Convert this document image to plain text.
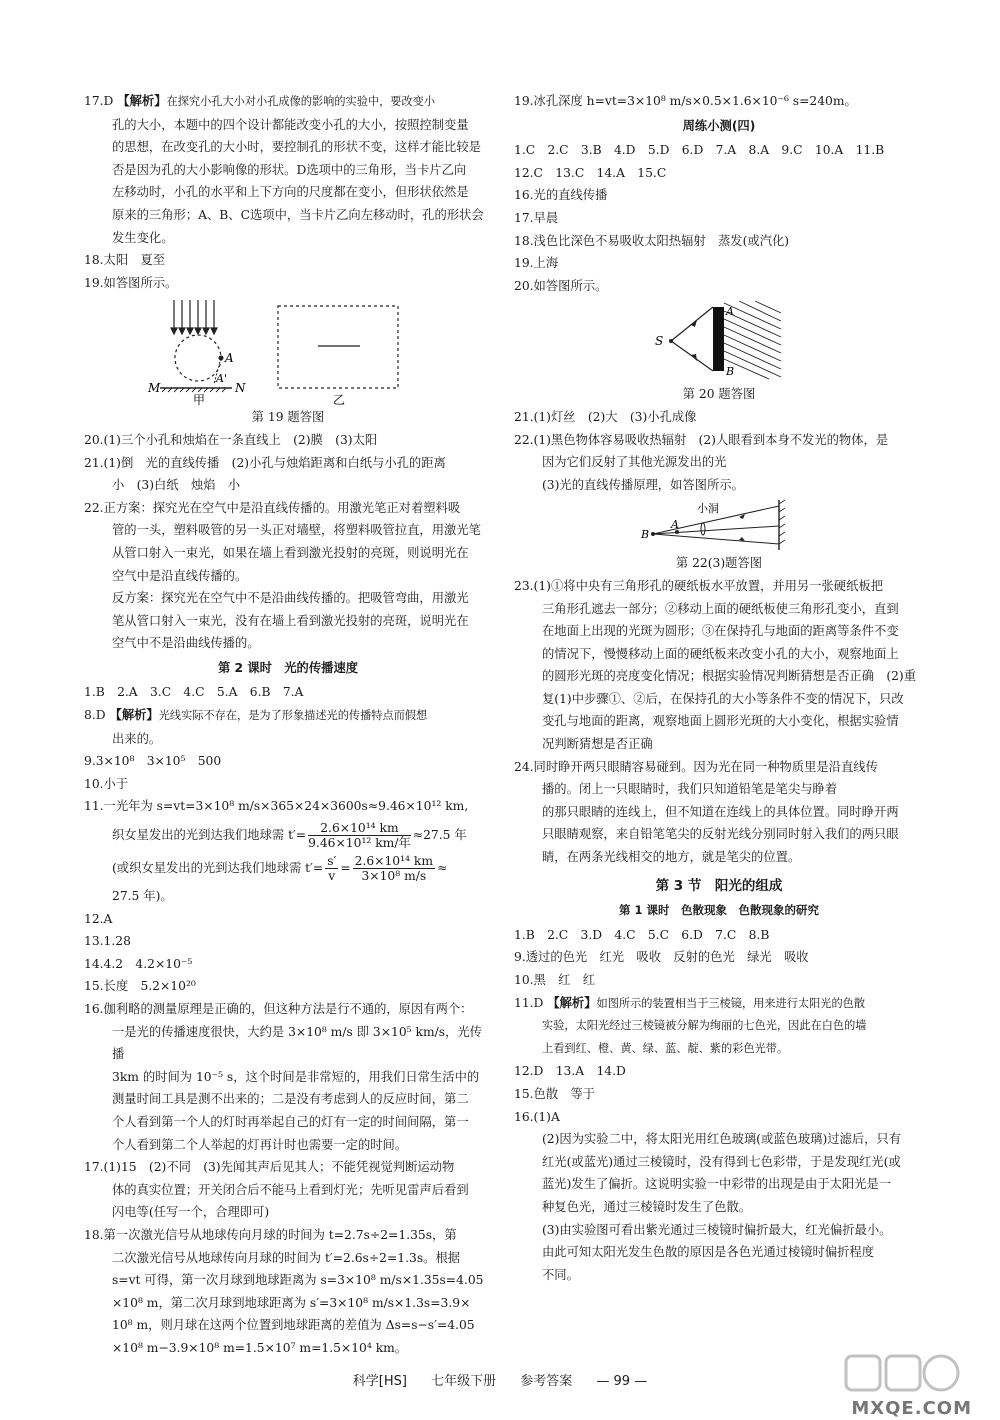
17.D 【解析】在探究小孔大小对小孔成像的影响的实验中，要改变小
孔的大小，本题中的四个设计都能改变小孔的大小，按照控制变量
的思想，在改变孔的大小时，要控制孔的形状不变，这样才能比较是
否是因为孔的大小影响像的形状。D选项中的三角形，当卡片乙向
左移动时，小孔的水平和上下方向的尺度都在变小，但形状依然是
原来的三角形；A、B、C选项中，当卡片乙向左移动时，孔的形状会
发生变化。
18.太阳　夏至
19.如答图所示。
A
A'
M	N
甲	乙
第 19 题答图
20.(1)三个小孔和烛焰在一条直线上　(2)膜　(3)太阳
21.(1)倒　光的直线传播　(2)小孔与烛焰距离和白纸与小孔的距离
小　(3)白纸　烛焰　小
22.正方案：探究光在空气中是沿直线传播的。用激光笔正对着塑料吸
管的一头，塑料吸管的另一头正对墙壁，将塑料吸管拉直，用激光笔
从管口射入一束光，如果在墙上看到激光投射的亮斑，则说明光在
空气中是沿直线传播的。
反方案：探究光在空气中不是沿曲线传播的。把吸管弯曲，用激光
笔从管口射入一束光，没有在墙上看到激光投射的亮斑，说明光在
空气中不是沿曲线传播的。
第 2 课时　光的传播速度
1.B　2.A　3.C　4.C　5.A　6.B　7.A
8.D 【解析】光线实际不存在，是为了形象描述光的传播特点而假想
出来的。
9.3×10⁸　3×10⁵　500
10.小于
11.一光年为 s=vt=3×10⁸ m/s×365×24×3600s≈9.46×10¹² km,
织女星发出的光到达我们地球需 $t'= \frac{\text{2.6×10¹⁴ km}}{\text{9.46×10¹² km/年}} \approx 27.5$ 年
(或织女星发出的光到达我们地球需 $t'= \frac{s'}{v} = \frac{\text{2.6×10¹⁴ km}}{\text{3×10⁸ m/s}}$ ≈
27.5 年)。
12.A
13.1.28
14.4.2　4.2×10⁻⁵
15.长度　5.2×10²⁰
16.伽利略的测量原理是正确的，但这种方法是行不通的，原因有两个：
一是光的传播速度很快，大约是 3×10⁸ m/s 即 3×10⁵ km/s，光传播
3km 的时间为 10⁻⁵ s，这个时间是非常短的，用我们日常生活中的
测量时间工具是测不出来的；二是没有考虑到人的反应时间，第二
个人看到第一个人的灯时再举起自己的灯有一定的时间间隔，第一
个人看到第二个人举起的灯再计时也需要一定的时间。
17.(1)15　(2)不同　(3)先闻其声后见其人；不能凭视觉判断运动物
体的真实位置；开关闭合后不能马上看到灯光；先听见雷声后看到
闪电等(任写一个，合理即可)
18.第一次激光信号从地球传向月球的时间为 t=2.7s÷2=1.35s，第
二次激光信号从地球传向月球的时间为 t′=2.6s÷2=1.3s。根据
s=vt 可得，第一次月球到地球距离为 s=3×10⁸ m/s×1.35s=4.05
×10⁸ m，第二次月球到地球距离为 s′=3×10⁸ m/s×1.3s=3.9×
10⁸ m，则月球在这两个位置到地球距离的差值为 Δs=s−s′=4.05
×10⁸ m−3.9×10⁸ m=1.5×10⁷ m=1.5×10⁴ km。
19.冰孔深度 h=vt=3×10⁸ m/s×0.5×1.6×10⁻⁶ s=240m。
周练小测(四)
1.C　2.C　3.B　4.D　5.D　6.D　7.A　8.A　9.C　10.A　11.B
12.C　13.C　14.A　15.C
16.光的直线传播
17.早晨
18.浅色比深色不易吸收太阳热辐射　蒸发(或汽化)
19.上海
20.如答图所示。
S
A
B
第 20 题答图
21.(1)灯丝　(2)大　(3)小孔成像
22.(1)黑色物体容易吸收热辐射　(2)人眼看到本身不发光的物体，是
因为它们反射了其他光源发出的光
(3)光的直线传播原理，如答图所示。
B
A
小洞
第 22(3)题答图
23.(1)①将中央有三角形孔的硬纸板水平放置，并用另一张硬纸板把
三角形孔遮去一部分；②移动上面的硬纸板使三角形孔变小，直到
在地面上出现的光斑为圆形；③在保持孔与地面的距离等条件不变
的情况下，慢慢移动上面的硬纸板来改变小孔的大小，观察地面上
的圆形光斑的亮度变化情况；根据实验情况判断猜想是否正确　(2)重
复(1)中步骤①、②后，在保持孔的大小等条件不变的情况下，只改
变孔与地面的距离，观察地面上圆形光斑的大小变化，根据实验情
况判断猜想是否正确
24.同时睁开两只眼睛容易碰到。因为光在同一种物质里是沿直线传
播的。闭上一只眼睛时，我们只知道铅笔是笔尖与睁着
的那只眼睛的连线上，但不知道在连线上的具体位置。同时睁开两
只眼睛观察，来自铅笔笔尖的反射光线分别同时射入我们的两只眼
睛，在两条光线相交的地方，就是笔尖的位置。
第 3 节　阳光的组成
第 1 课时　色散现象　色散现象的研究
1.B　2.C　3.D　4.C　5.C　6.D　7.C　8.B
9.透过的色光　红光　吸收　反射的色光　绿光　吸收
10.黑　红　红
11.D 【解析】如图所示的装置相当于三棱镜，用来进行太阳光的色散
实验，太阳光经过三棱镜被分解为绚丽的七色光，因此在白色的墙
上看到红、橙、黄、绿、蓝、靛、紫的彩色光带。
12.D　13.A　14.D
15.色散　等于
16.(1)A
(2)因为实验二中，将太阳光用红色玻璃(或蓝色玻璃)过滤后，只有
红光(或蓝光)通过三棱镜时，没有得到七色彩带，于是发现红光(或
蓝光)发生了偏折。这说明实验一中彩带的出现是由于太阳光是一
种复色光，通过三棱镜时发生了色散。
(3)由实验图可看出紫光通过三棱镜时偏折最大，红光偏折最小。
由此可知太阳光发生色散的原因是各色光通过棱镜时偏折程度
不同。
科学[HS] 七年级下册 参考答案 — 99 —
MXQE.COM
